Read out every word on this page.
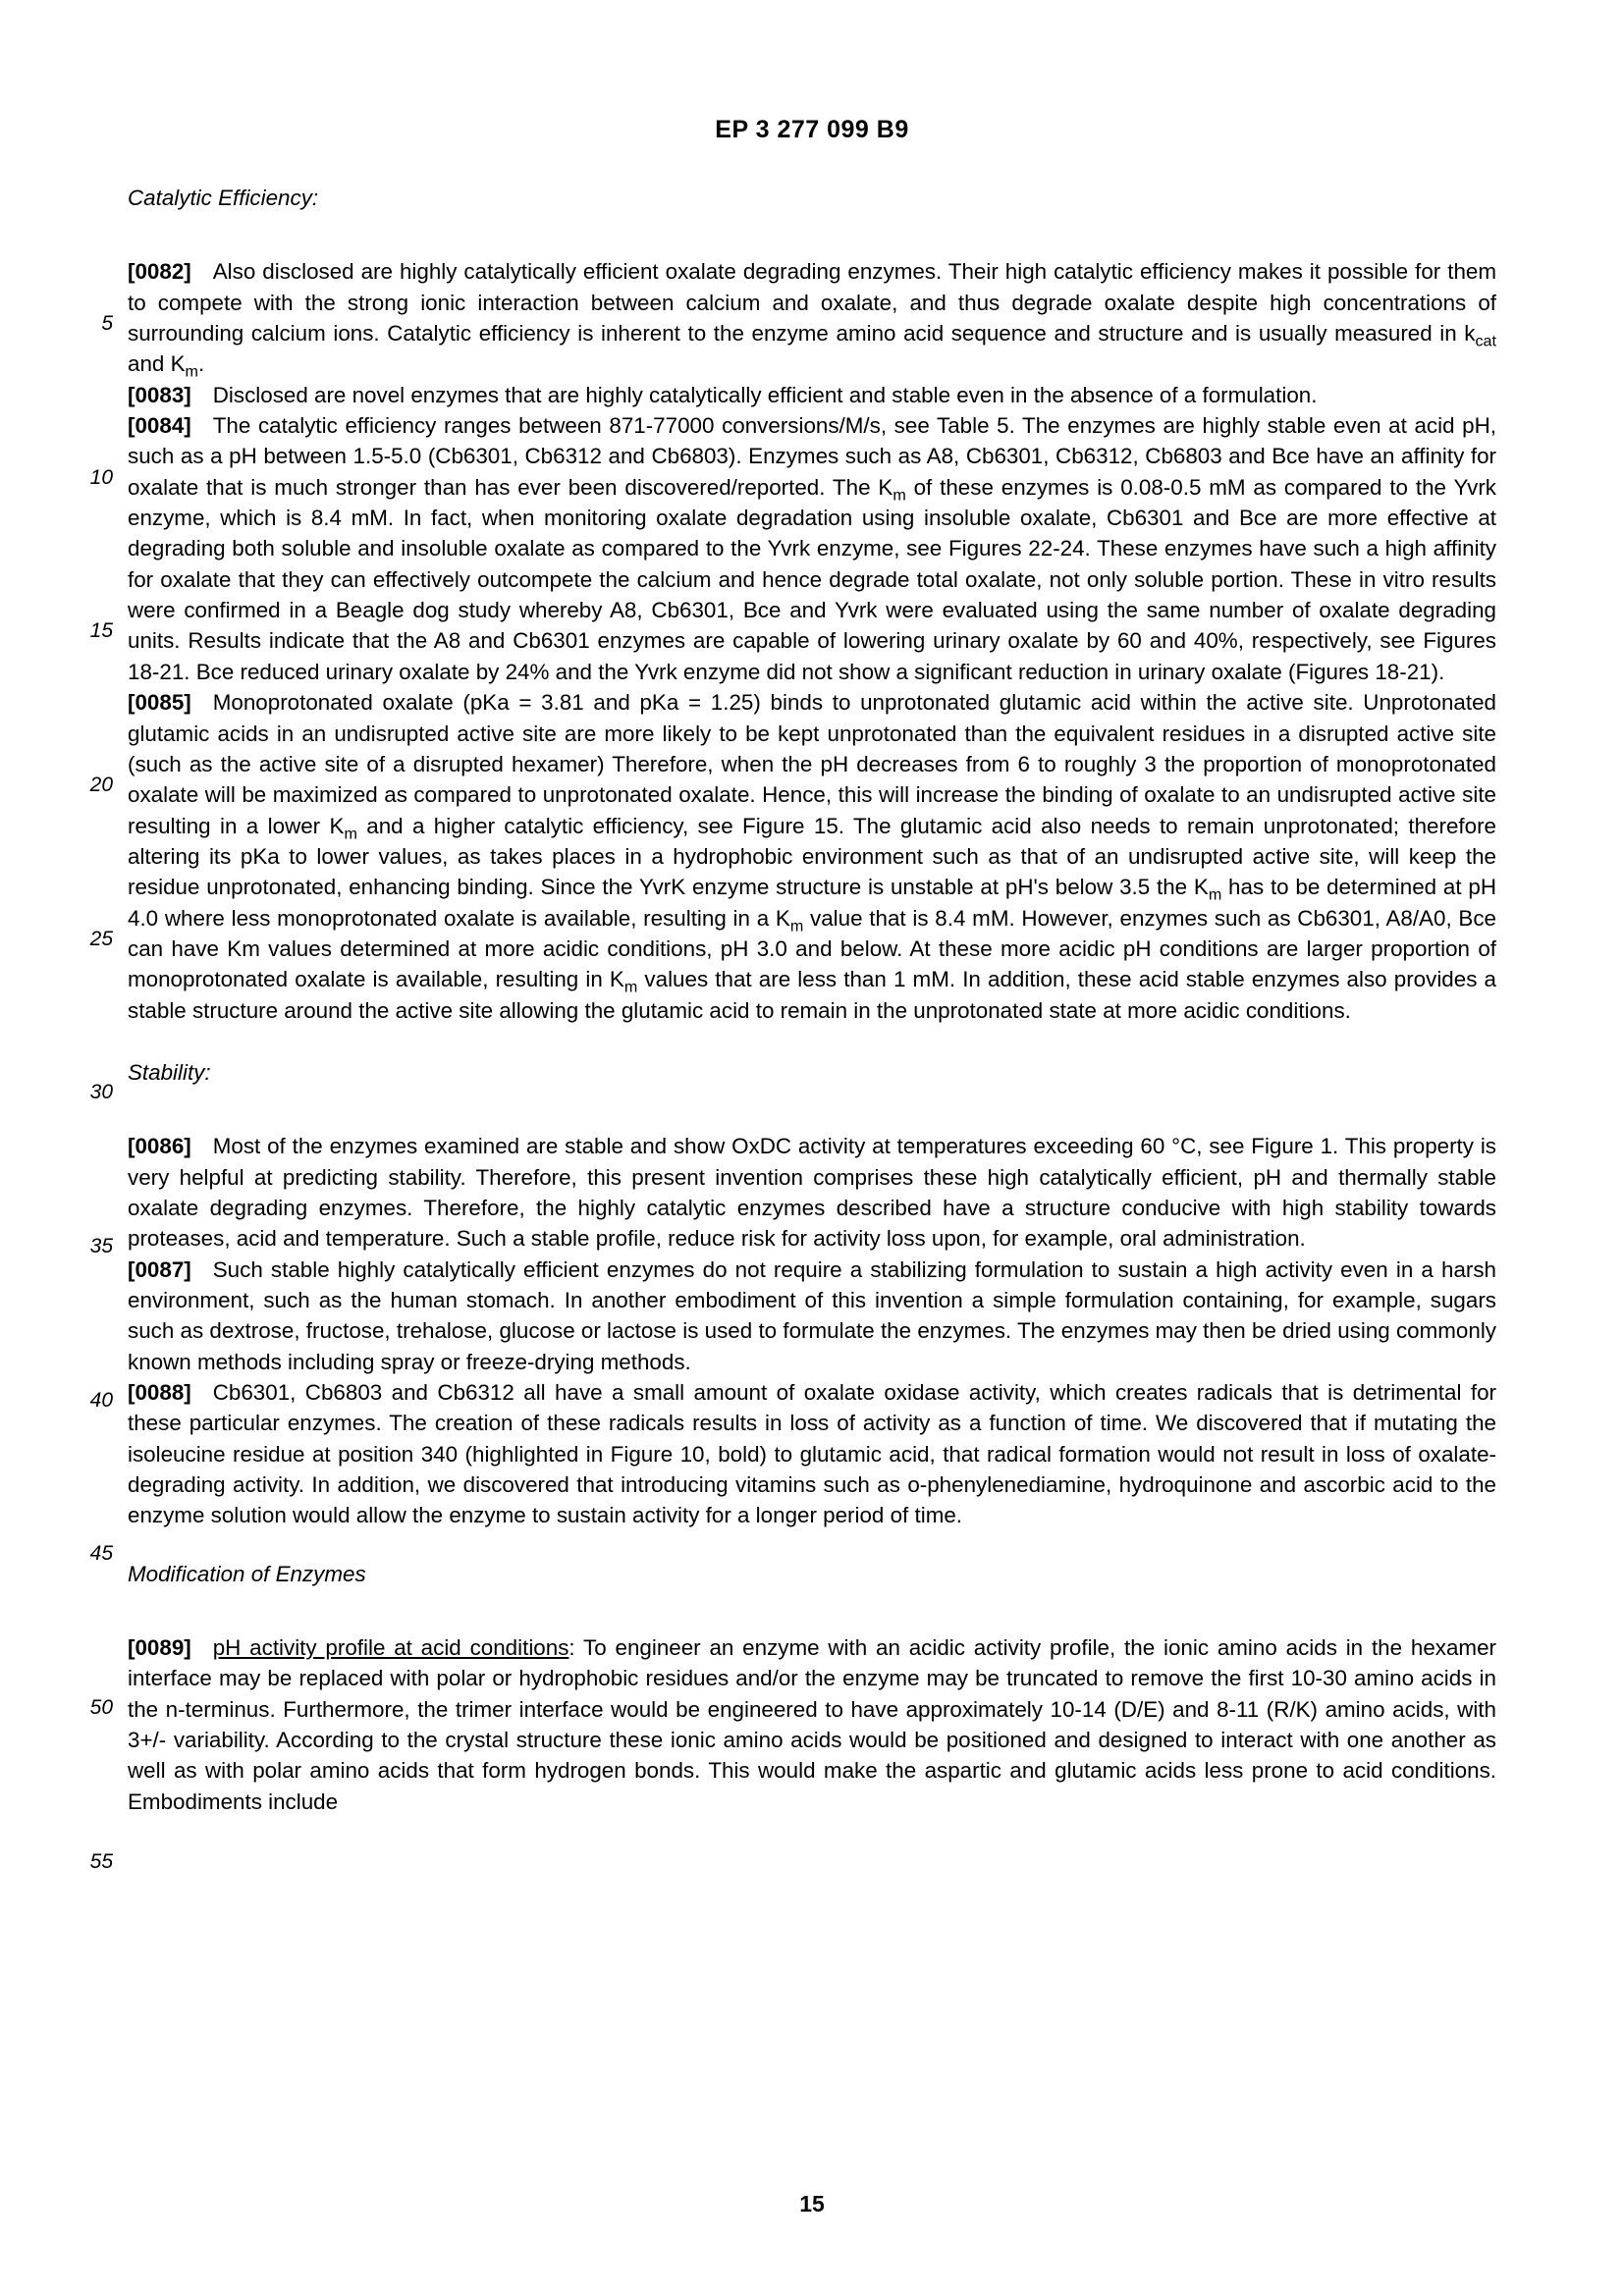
EP 3 277 099 B9
5
10
15
20
25
30
35
40
45
50
55
Catalytic Efficiency:

[0082] Also disclosed are highly catalytically efficient oxalate degrading enzymes. Their high catalytic efficiency makes it possible for them to compete with the strong ionic interaction between calcium and oxalate, and thus degrade oxalate despite high concentrations of surrounding calcium ions. Catalytic efficiency is inherent to the enzyme amino acid sequence and structure and is usually measured in $k_{cat}$ and $K_m$.

[0083] Disclosed are novel enzymes that are highly catalytically efficient and stable even in the absence of a formulation.

[0084] The catalytic efficiency ranges between 871-77000 conversions/M/s, see Table 5. The enzymes are highly stable even at acid pH, such as a pH between 1.5-5.0 (Cb6301, Cb6312 and Cb6803). Enzymes such as A8, Cb6301, Cb6312, Cb6803 and Bce have an affinity for oxalate that is much stronger than has ever been discovered/reported. The $K_m$ of these enzymes is 0.08-0.5 mM as compared to the Yvrk enzyme, which is 8.4 mM. In fact, when monitoring oxalate degradation using insoluble oxalate, Cb6301 and Bce are more effective at degrading both soluble and insoluble oxalate as compared to the Yvrk enzyme, see Figures 22-24. These enzymes have such a high affinity for oxalate that they can effectively outcompete the calcium and hence degrade total oxalate, not only soluble portion. These in vitro results were confirmed in a Beagle dog study whereby A8, Cb6301, Bce and Yvrk were evaluated using the same number of oxalate degrading units. Results indicate that the A8 and Cb6301 enzymes are capable of lowering urinary oxalate by 60 and 40%, respectively, see Figures 18-21. Bce reduced urinary oxalate by 24% and the Yvrk enzyme did not show a significant reduction in urinary oxalate (Figures 18-21).

[0085] Monoprotonated oxalate (pKa = 3.81 and pKa = 1.25) binds to unprotonated glutamic acid within the active site. Unprotonated glutamic acids in an undisrupted active site are more likely to be kept unprotonated than the equivalent residues in a disrupted active site (such as the active site of a disrupted hexamer) Therefore, when the pH decreases from 6 to roughly 3 the proportion of monoprotonated oxalate will be maximized as compared to unprotonated oxalate. Hence, this will increase the binding of oxalate to an undisrupted active site resulting in a lower $K_m$ and a higher catalytic efficiency, see Figure 15. The glutamic acid also needs to remain unprotonated; therefore altering its pKa to lower values, as takes places in a hydrophobic environment such as that of an undisrupted active site, will keep the residue unprotonated, enhancing binding. Since the YvrK enzyme structure is unstable at pH's below 3.5 the $K_m$ has to be determined at pH 4.0 where less monoprotonated oxalate is available, resulting in a $K_m$ value that is 8.4 mM. However, enzymes such as Cb6301, A8/A0, Bce can have Km values determined at more acidic conditions, pH 3.0 and below. At these more acidic pH conditions are larger proportion of monoprotonated oxalate is available, resulting in $K_m$ values that are less than 1 mM. In addition, these acid stable enzymes also provides a stable structure around the active site allowing the glutamic acid to remain in the unprotonated state at more acidic conditions.

Stability:

[0086] Most of the enzymes examined are stable and show OxDC activity at temperatures exceeding 60 °C, see Figure 1. This property is very helpful at predicting stability. Therefore, this present invention comprises these high catalytically efficient, pH and thermally stable oxalate degrading enzymes. Therefore, the highly catalytic enzymes described have a structure conducive with high stability towards proteases, acid and temperature. Such a stable profile, reduce risk for activity loss upon, for example, oral administration.

[0087] Such stable highly catalytically efficient enzymes do not require a stabilizing formulation to sustain a high activity even in a harsh environment, such as the human stomach. In another embodiment of this invention a simple formulation containing, for example, sugars such as dextrose, fructose, trehalose, glucose or lactose is used to formulate the enzymes. The enzymes may then be dried using commonly known methods including spray or freeze-drying methods.

[0088] Cb6301, Cb6803 and Cb6312 all have a small amount of oxalate oxidase activity, which creates radicals that is detrimental for these particular enzymes. The creation of these radicals results in loss of activity as a function of time. We discovered that if mutating the isoleucine residue at position 340 (highlighted in Figure 10, bold) to glutamic acid, that radical formation would not result in loss of oxalate-degrading activity. In addition, we discovered that introducing vitamins such as o-phenylenediamine, hydroquinone and ascorbic acid to the enzyme solution would allow the enzyme to sustain activity for a longer period of time.

Modification of Enzymes

[0089] pH activity profile at acid conditions: To engineer an enzyme with an acidic activity profile, the ionic amino acids in the hexamer interface may be replaced with polar or hydrophobic residues and/or the enzyme may be truncated to remove the first 10-30 amino acids in the n-terminus. Furthermore, the trimer interface would be engineered to have approximately 10-14 (D/E) and 8-11 (R/K) amino acids, with 3+/- variability. According to the crystal structure these ionic amino acids would be positioned and designed to interact with one another as well as with polar amino acids that form hydrogen bonds. This would make the aspartic and glutamic acids less prone to acid conditions. Embodiments include

15
